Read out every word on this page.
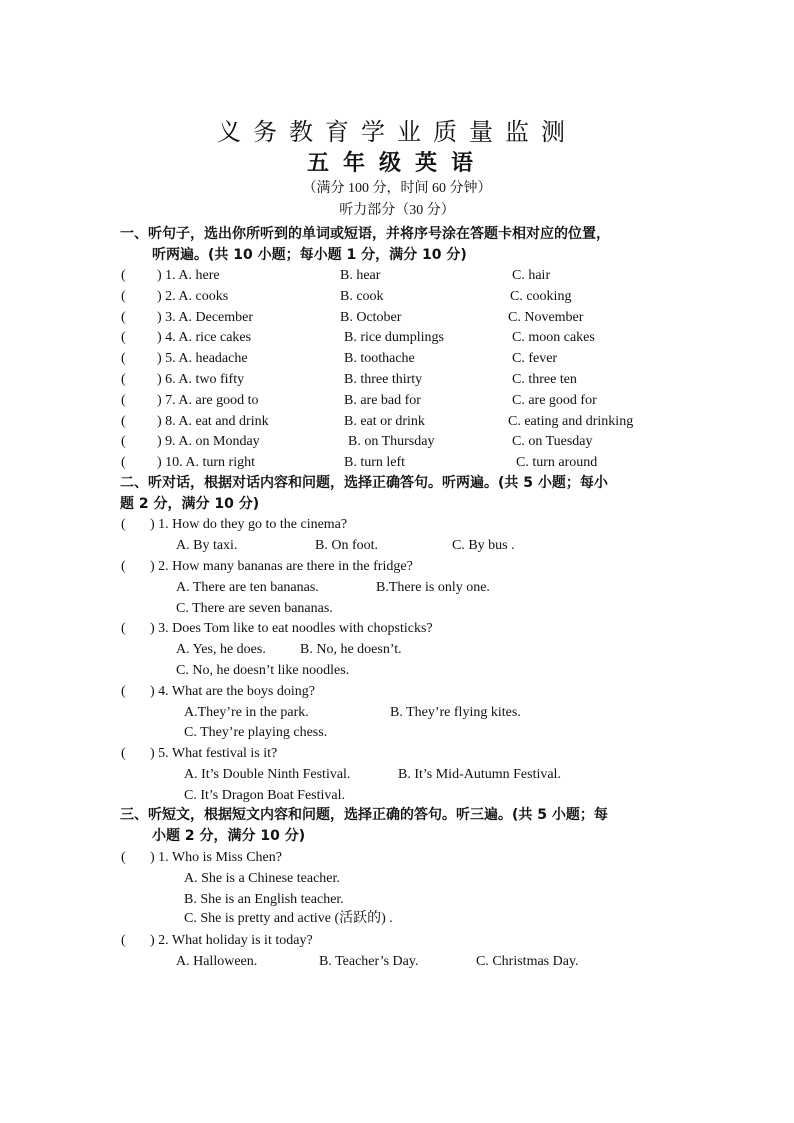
义务教育学业质量监测
五年级英语
（满分 100 分，时间 60 分钟）
听力部分（30 分）
一、听句子，选出你所听到的单词或短语，并将序号涂在答题卡相对应的位置，
听两遍。(共 10 小题；每小题 1 分，满分 10 分)
( ) 1. A. here	B. hear	C. hair
( ) 2. A. cooks	B. cook	C. cooking
( ) 3. A. December	B. October	C. November
( ) 4. A. rice cakes	B. rice dumplings	C. moon cakes
( ) 5. A. headache	B. toothache	C. fever
( ) 6. A. two fifty	B. three thirty	C. three ten
( ) 7. A. are good to	B. are bad for	C. are good for
( ) 8. A. eat and drink	B. eat or drink	C. eating and drinking
( ) 9. A. on Monday	B. on Thursday	C. on Tuesday
( ) 10. A. turn right	B. turn left	C. turn around
二、听对话，根据对话内容和问题，选择正确答句。听两遍。(共 5 小题；每小
题 2 分，满分 10 分)
( ) 1. How do they go to the cinema?
A. By taxi.	B. On foot.	C. By bus .
( ) 2. How many bananas are there in the fridge?
A. There are ten bananas.	B.There is only one.
C. There are seven bananas.
( ) 3. Does Tom like to eat noodles with chopsticks?
A. Yes, he does. B. No, he doesn’t.
C. No, he doesn’t like noodles.
( ) 4. What are the boys doing?
A.They’re in the park.	B. They’re flying kites.
C. They’re playing chess.
( ) 5. What festival is it?
A. It’s Double Ninth Festival.	B. It’s Mid-Autumn Festival.
C. It’s Dragon Boat Festival.
三、听短文，根据短文内容和问题，选择正确的答句。听三遍。(共 5 小题；每
小题 2 分，满分 10 分)
( ) 1. Who is Miss Chen?
A. She is a Chinese teacher.
B. She is an English teacher.
C. She is pretty and active (活跃的) .
( ) 2. What holiday is it today?
A. Halloween.	B. Teacher’s Day.	C. Christmas Day.
